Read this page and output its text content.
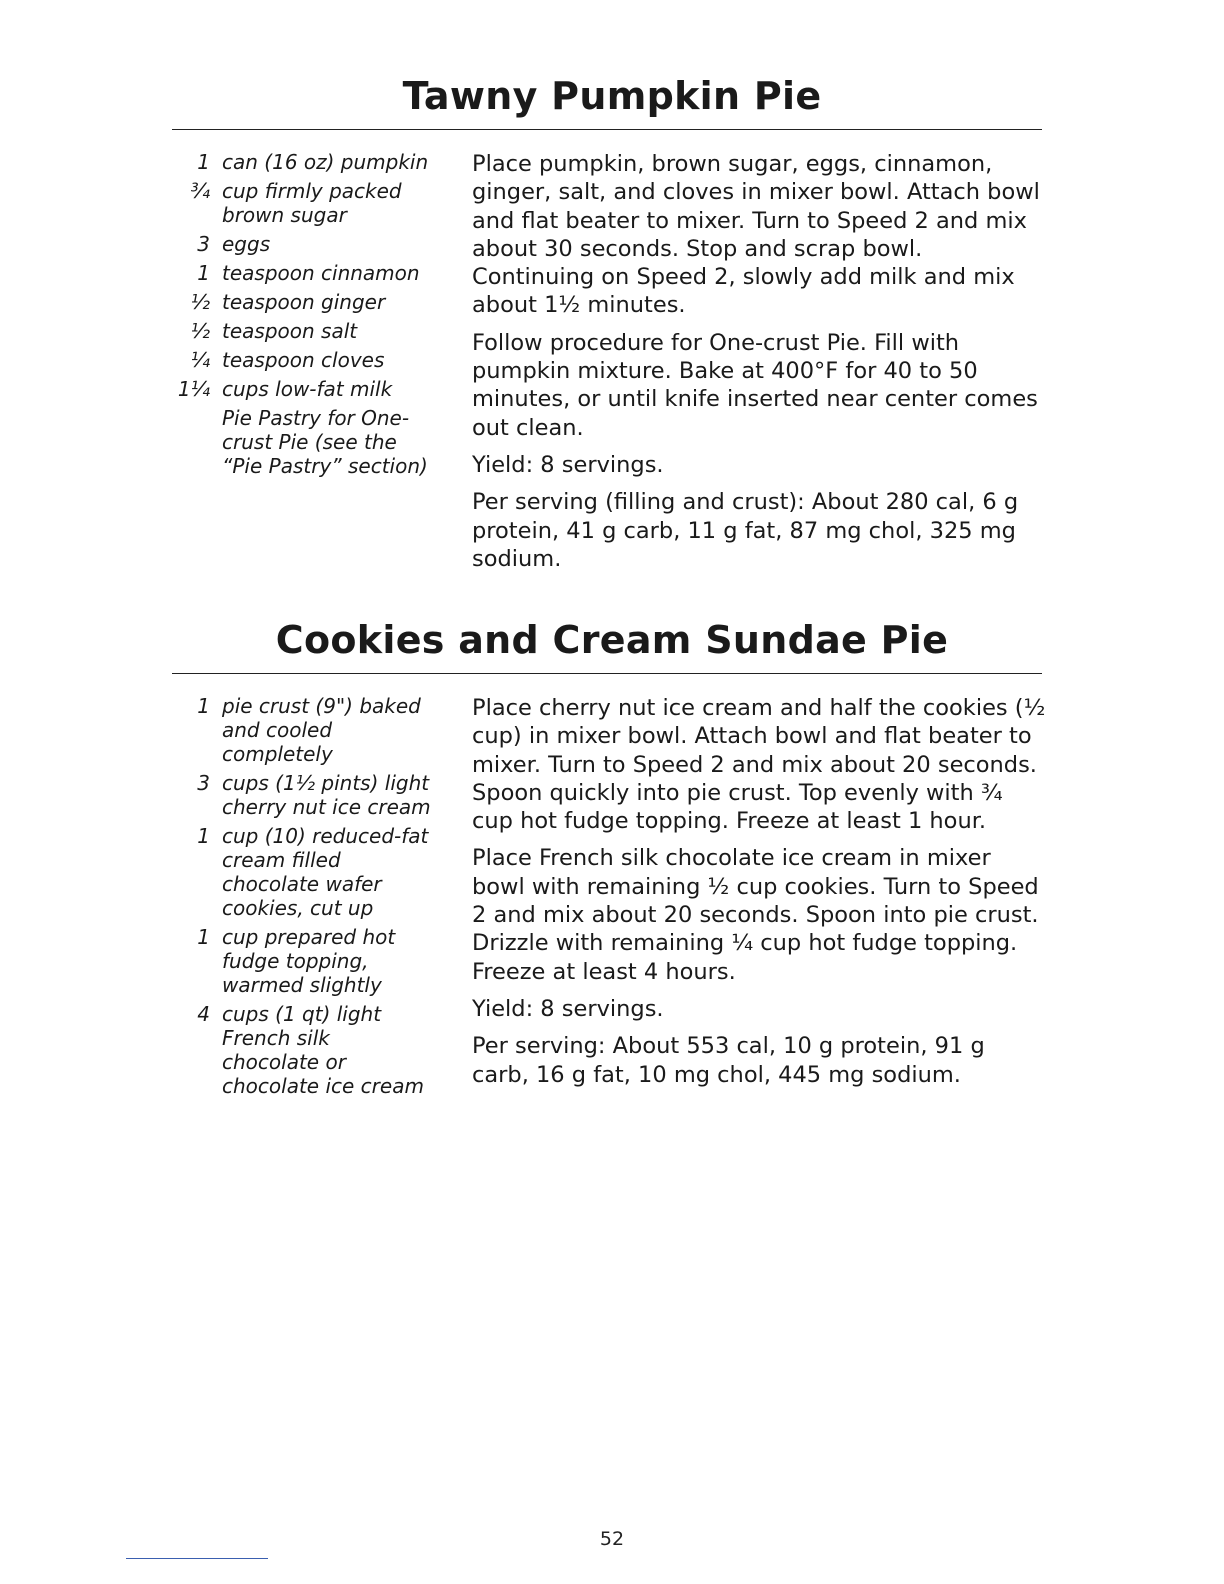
Tawny Pumpkin Pie
1 can (16 oz) pumpkin
¾ cup firmly packed brown sugar
3 eggs
1 teaspoon cinnamon
½ teaspoon ginger
½ teaspoon salt
¼ teaspoon cloves
1¼ cups low-fat milk
Pie Pastry for One-crust Pie (see the “Pie Pastry” section)

Place pumpkin, brown sugar, eggs, cinnamon, ginger, salt, and cloves in mixer bowl. Attach bowl and flat beater to mixer. Turn to Speed 2 and mix about 30 seconds. Stop and scrap bowl. Continuing on Speed 2, slowly add milk and mix about 1½ minutes.

Follow procedure for One-crust Pie. Fill with pumpkin mixture. Bake at 400°F for 40 to 50 minutes, or until knife inserted near center comes out clean.

Yield: 8 servings.

Per serving (filling and crust): About 280 cal, 6 g protein, 41 g carb, 11 g fat, 87 mg chol, 325 mg sodium.

Cookies and Cream Sundae Pie
1 pie crust (9") baked and cooled completely
3 cups (1½ pints) light cherry nut ice cream
1 cup (10) reduced-fat cream filled chocolate wafer cookies, cut up
1 cup prepared hot fudge topping, warmed slightly
4 cups (1 qt) light French silk chocolate or chocolate ice cream

Place cherry nut ice cream and half the cookies (½ cup) in mixer bowl. Attach bowl and flat beater to mixer. Turn to Speed 2 and mix about 20 seconds. Spoon quickly into pie crust. Top evenly with ¾ cup hot fudge topping. Freeze at least 1 hour.

Place French silk chocolate ice cream in mixer bowl with remaining ½ cup cookies. Turn to Speed 2 and mix about 20 seconds. Spoon into pie crust. Drizzle with remaining ¼ cup hot fudge topping. Freeze at least 4 hours.

Yield: 8 servings.

Per serving: About 553 cal, 10 g protein, 91 g carb, 16 g fat, 10 mg chol, 445 mg sodium.

52
